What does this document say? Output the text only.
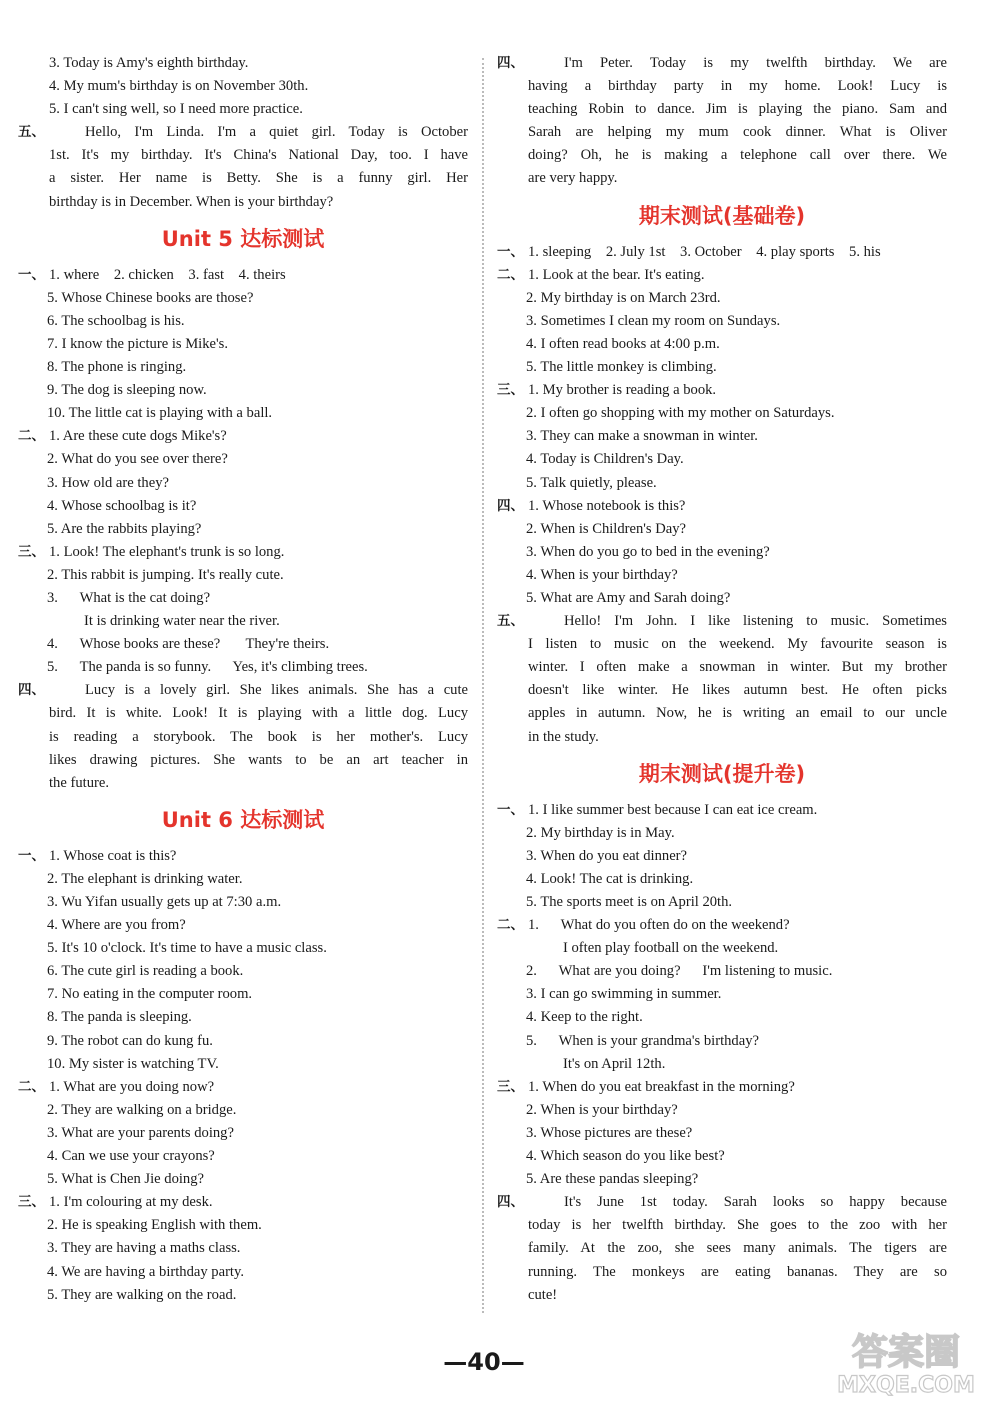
3. Today is Amy's eighth birthday.
4. My mum's birthday is on November 30th.
5. I can't sing well, so I need more practice.
五、	Hello, I'm Linda. I'm a quiet girl. Today is October
1st. It's my birthday. It's China's National Day, too. I have
a sister. Her name is Betty. She is a funny girl. Her
birthday is in December. When is your birthday?
Unit 5 达标测试
一、 1. where    2. chicken    3. fast    4. theirs
5. Whose Chinese books are those?
6. The schoolbag is his.
7. I know the picture is Mike's.
8. The phone is ringing.
9. The dog is sleeping now.
10. The little cat is playing with a ball.
二、 1. Are these cute dogs Mike's?
2. What do you see over there?
3. How old are they?
4. Whose schoolbag is it?
5. Are the rabbits playing?
三、 1. Look! The elephant's trunk is so long.
2. This rabbit is jumping. It's really cute.
3.      What is the cat doing?
It is drinking water near the river.
4.      Whose books are these?       They're theirs.
5.      The panda is so funny.      Yes, it's climbing trees.
四、	Lucy is a lovely girl. She likes animals. She has a cute
bird. It is white. Look! It is playing with a little dog. Lucy
is reading a storybook. The book is her mother's. Lucy
likes drawing pictures. She wants to be an art teacher in
the future.
Unit 6 达标测试
一、 1. Whose coat is this?
2. The elephant is drinking water.
3. Wu Yifan usually gets up at 7:30 a.m.
4. Where are you from?
5. It's 10 o'clock. It's time to have a music class.
6. The cute girl is reading a book.
7. No eating in the computer room.
8. The panda is sleeping.
9. The robot can do kung fu.
10. My sister is watching TV.
二、 1. What are you doing now?
2. They are walking on a bridge.
3. What are your parents doing?
4. Can we use your crayons?
5. What is Chen Jie doing?
三、 1. I'm colouring at my desk.
2. He is speaking English with them.
3. They are having a maths class.
4. We are having a birthday party.
5. They are walking on the road.
四、	I'm Peter. Today is my twelfth birthday. We are
having a birthday party in my home. Look! Lucy is
teaching Robin to dance. Jim is playing the piano. Sam and
Sarah are helping my mum cook dinner. What is Oliver
doing? Oh, he is making a telephone call over there. We
are very happy.
期末测试(基础卷)
一、 1. sleeping    2. July 1st    3. October    4. play sports    5. his
二、 1. Look at the bear. It's eating.
2. My birthday is on March 23rd.
3. Sometimes I clean my room on Sundays.
4. I often read books at 4:00 p.m.
5. The little monkey is climbing.
三、 1. My brother is reading a book.
2. I often go shopping with my mother on Saturdays.
3. They can make a snowman in winter.
4. Today is Children's Day.
5. Talk quietly, please.
四、 1. Whose notebook is this?
2. When is Children's Day?
3. When do you go to bed in the evening?
4. When is your birthday?
5. What are Amy and Sarah doing?
五、	Hello! I'm John. I like listening to music. Sometimes
I listen to music on the weekend. My favourite season is
winter. I often make a snowman in winter. But my brother
doesn't like winter. He likes autumn best. He often picks
apples in autumn. Now, he is writing an email to our uncle
in the study.
期末测试(提升卷)
一、 1. I like summer best because I can eat ice cream.
2. My birthday is in May.
3. When do you eat dinner?
4. Look! The cat is drinking.
5. The sports meet is on April 20th.
二、 1.      What do you often do on the weekend?
I often play football on the weekend.
2.      What are you doing?      I'm listening to music.
3. I can go swimming in summer.
4. Keep to the right.
5.      When is your grandma's birthday?
It's on April 12th.
三、 1. When do you eat breakfast in the morning?
2. When is your birthday?
3. Whose pictures are these?
4. Which season do you like best?
5. Are these pandas sleeping?
四、	It's June 1st today. Sarah looks so happy because
today is her twelfth birthday. She goes to the zoo with her
family. At the zoo, she sees many animals. The tigers are
running. The monkeys are eating bananas. They are so
cute!
—40—	答案圈
MXQE.COM
